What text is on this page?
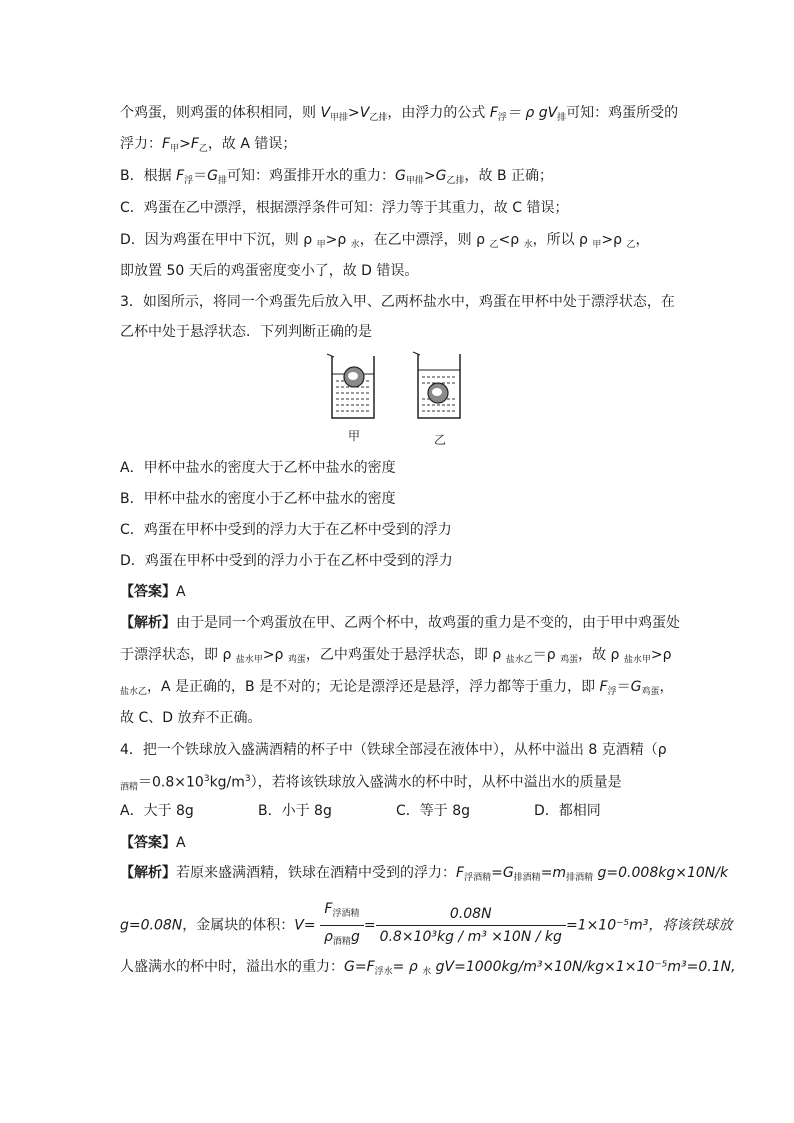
个鸡蛋，则鸡蛋的体积相同，则 $V_{甲排}>V_{乙排}$，由浮力的公式 $F_浮= \rho$ $gV_排$可知：鸡蛋所受的
浮力：$F_甲>F_乙$，故 A 错误；
B．根据 $F_浮=G_排$可知：鸡蛋排开水的重力：$G_{甲排}>G_{乙排}$，故 B 正确；
C．鸡蛋在乙中漂浮，根据漂浮条件可知：浮力等于其重力，故 C 错误；
D．因为鸡蛋在甲中下沉，则 ρ $_甲$>ρ $_水$，在乙中漂浮，则 ρ $_乙$<ρ $_水$，所以 ρ $_甲$>ρ $_乙$，
即放置 50 天后的鸡蛋密度变小了，故 D 错误。
3．如图所示，将同一个鸡蛋先后放入甲、乙两杯盐水中，鸡蛋在甲杯中处于漂浮状态，在
乙杯中处于悬浮状态．下列判断正确的是
甲	乙
A．甲杯中盐水的密度大于乙杯中盐水的密度
B．甲杯中盐水的密度小于乙杯中盐水的密度
C．鸡蛋在甲杯中受到的浮力大于在乙杯中受到的浮力
D．鸡蛋在甲杯中受到的浮力小于在乙杯中受到的浮力
【答案】A
【解析】由于是同一个鸡蛋放在甲、乙两个杯中，故鸡蛋的重力是不变的，由于甲中鸡蛋处
于漂浮状态，即 ρ $_{盐水甲}$>ρ $_{鸡蛋}$，乙中鸡蛋处于悬浮状态，即 ρ $_{盐水乙}$＝ρ $_{鸡蛋}$，故 ρ $_{盐水甲}$>ρ
$_{盐水乙}$，A 是正确的，B 是不对的；无论是漂浮还是悬浮，浮力都等于重力，即 $F_浮=G_{鸡蛋}$，
故 C、D 放弃不正确。
4．把一个铁球放入盛满酒精的杯子中（铁球全部浸在液体中），从杯中溢出 8 克酒精（ρ
$_{酒精}=0.8\times 10^3kg/m^3$），若将该铁球放入盛满水的杯中时，从杯中溢出水的质量是
A．大于 8g	B．小于 8g	C．等于 8g	D．都相同
【答案】A
【解析】若原来盛满酒精，铁球在酒精中受到的浮力：$F_{浮酒精}=G_{排酒精}=m_{排酒精}$ g=0.008kg×10N/k
g=0.08N，金属块的体积：$V= \frac{F_{浮酒精}}{\rho_{酒精}g} = \frac{0.08N}{\text{0.8×10³kg / m³ ×10N / kg}} =1\times 10^{-5}m^3$，将该铁球放
人盛满水的杯中时，溢出水的重力：$G=F_{浮水}= \rho$ $_水$ gV=1000kg/m³×10N/kg×1×10⁻⁵m³=0.1N,
